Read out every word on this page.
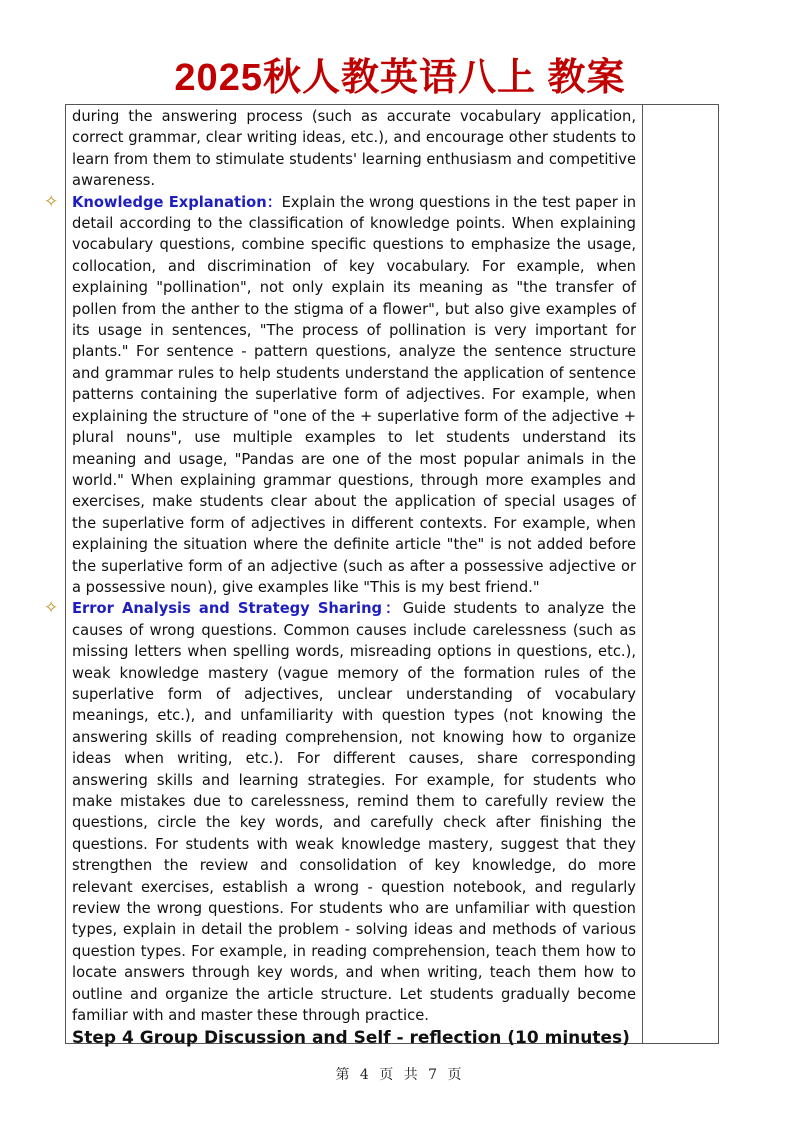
2025秋人教英语八上 教案

during the answering process (such as accurate vocabulary application, correct grammar, clear writing ideas, etc.), and encourage other students to learn from them to stimulate students' learning enthusiasm and competitive awareness.

✧ Knowledge Explanation：Explain the wrong questions in the test paper in detail according to the classification of knowledge points. When explaining vocabulary questions, combine specific questions to emphasize the usage, collocation, and discrimination of key vocabulary. For example, when explaining "pollination", not only explain its meaning as "the transfer of pollen from the anther to the stigma of a flower", but also give examples of its usage in sentences, "The process of pollination is very important for plants." For sentence - pattern questions, analyze the sentence structure and grammar rules to help students understand the application of sentence patterns containing the superlative form of adjectives. For example, when explaining the structure of "one of the + superlative form of the adjective + plural nouns", use multiple examples to let students understand its meaning and usage, "Pandas are one of the most popular animals in the world." When explaining grammar questions, through more examples and exercises, make students clear about the application of special usages of the superlative form of adjectives in different contexts. For example, when explaining the situation where the definite article "the" is not added before the superlative form of an adjective (such as after a possessive adjective or a possessive noun), give examples like "This is my best friend."

✧ Error Analysis and Strategy Sharing：Guide students to analyze the causes of wrong questions. Common causes include carelessness (such as missing letters when spelling words, misreading options in questions, etc.), weak knowledge mastery (vague memory of the formation rules of the superlative form of adjectives, unclear understanding of vocabulary meanings, etc.), and unfamiliarity with question types (not knowing the answering skills of reading comprehension, not knowing how to organize ideas when writing, etc.). For different causes, share corresponding answering skills and learning strategies. For example, for students who make mistakes due to carelessness, remind them to carefully review the questions, circle the key words, and carefully check after finishing the questions. For students with weak knowledge mastery, suggest that they strengthen the review and consolidation of key knowledge, do more relevant exercises, establish a wrong - question notebook, and regularly review the wrong questions. For students who are unfamiliar with question types, explain in detail the problem - solving ideas and methods of various question types. For example, in reading comprehension, teach them how to locate answers through key words, and when writing, teach them how to outline and organize the article structure. Let students gradually become familiar with and master these through practice.

Step 4 Group Discussion and Self - reflection (10 minutes)

第 4 页 共 7 页
